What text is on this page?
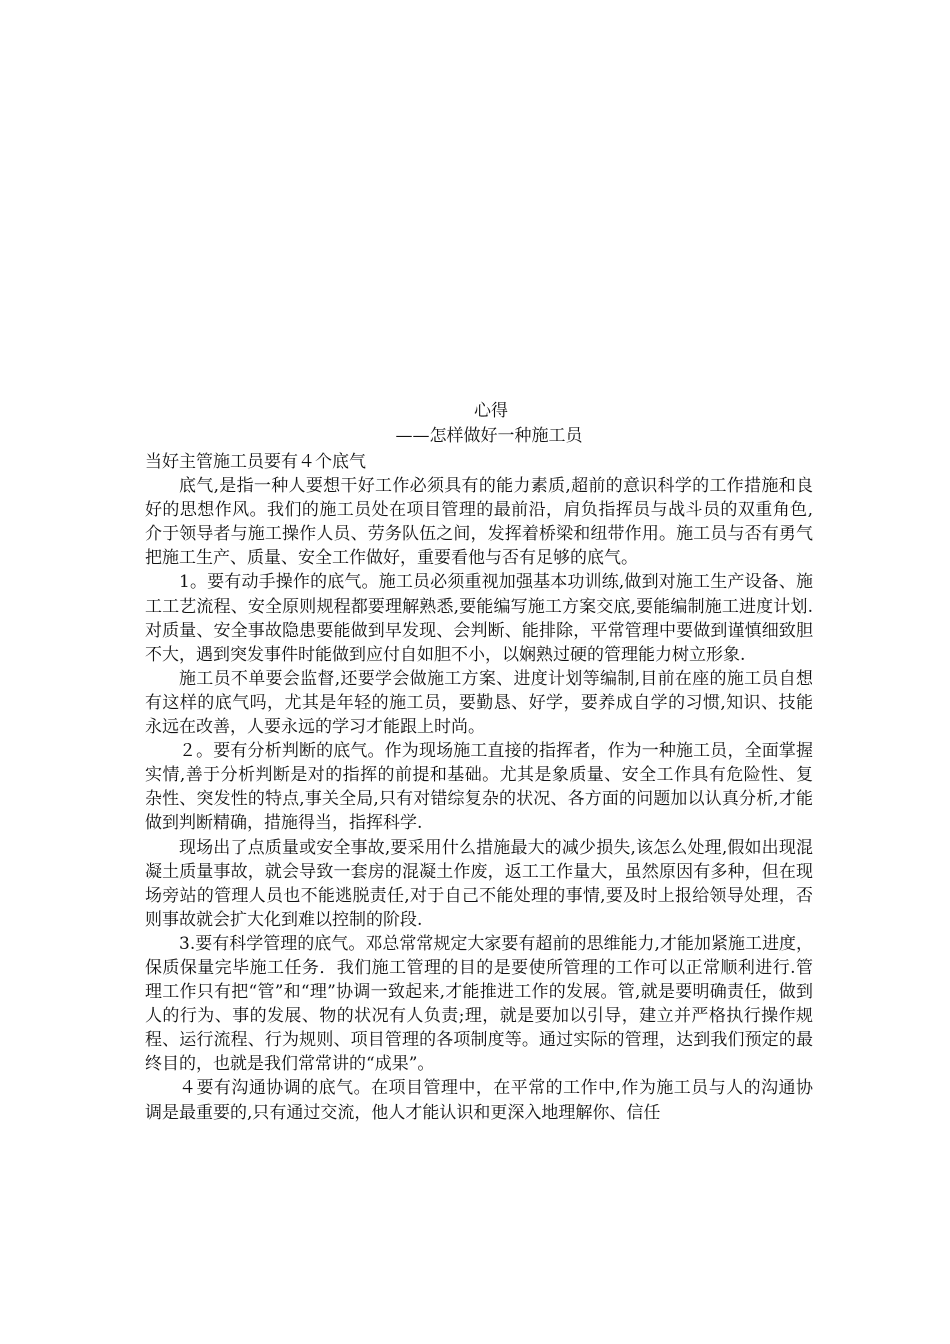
心得
——怎样做好一种施工员

当好主管施工员要有４个底气

底气,是指一种人要想干好工作必须具有的能力素质,超前的意识科学的工作措施和良好的思想作风。我们的施工员处在项目管理的最前沿，肩负指挥员与战斗员的双重角色,介于领导者与施工操作人员、劳务队伍之间，发挥着桥梁和纽带作用。施工员与否有勇气把施工生产、质量、安全工作做好，重要看他与否有足够的底气。

1。要有动手操作的底气。施工员必须重视加强基本功训练,做到对施工生产设备、施工工艺流程、安全原则规程都要理解熟悉,要能编写施工方案交底,要能编制施工进度计划.对质量、安全事故隐患要能做到早发现、会判断、能排除，平常管理中要做到谨慎细致胆不大，遇到突发事件时能做到应付自如胆不小，以娴熟过硬的管理能力树立形象.

施工员不单要会监督,还要学会做施工方案、进度计划等编制,目前在座的施工员自想有这样的底气吗，尤其是年轻的施工员，要勤恳、好学，要养成自学的习惯,知识、技能永远在改善，人要永远的学习才能跟上时尚。

２。要有分析判断的底气。作为现场施工直接的指挥者，作为一种施工员，全面掌握实情,善于分析判断是对的指挥的前提和基础。尤其是象质量、安全工作具有危险性、复杂性、突发性的特点,事关全局,只有对错综复杂的状况、各方面的问题加以认真分析,才能做到判断精确，措施得当，指挥科学.

现场出了点质量或安全事故,要采用什么措施最大的减少损失,该怎么处理,假如出现混凝土质量事故，就会导致一套房的混凝土作废，返工工作量大，虽然原因有多种，但在现场旁站的管理人员也不能逃脱责任,对于自己不能处理的事情,要及时上报给领导处理，否则事故就会扩大化到难以控制的阶段.

3.要有科学管理的底气。邓总常常规定大家要有超前的思维能力,才能加紧施工进度，保质保量完毕施工任务．我们施工管理的目的是要使所管理的工作可以正常顺利进行.管理工作只有把“管”和“理”协调一致起来,才能推进工作的发展。管,就是要明确责任，做到人的行为、事的发展、物的状况有人负责;理，就是要加以引导，建立并严格执行操作规程、运行流程、行为规则、项目管理的各项制度等。通过实际的管理，达到我们预定的最终目的，也就是我们常常讲的“成果”。

４要有沟通协调的底气。在项目管理中，在平常的工作中,作为施工员与人的沟通协调是最重要的,只有通过交流，他人才能认识和更深入地理解你、信任
